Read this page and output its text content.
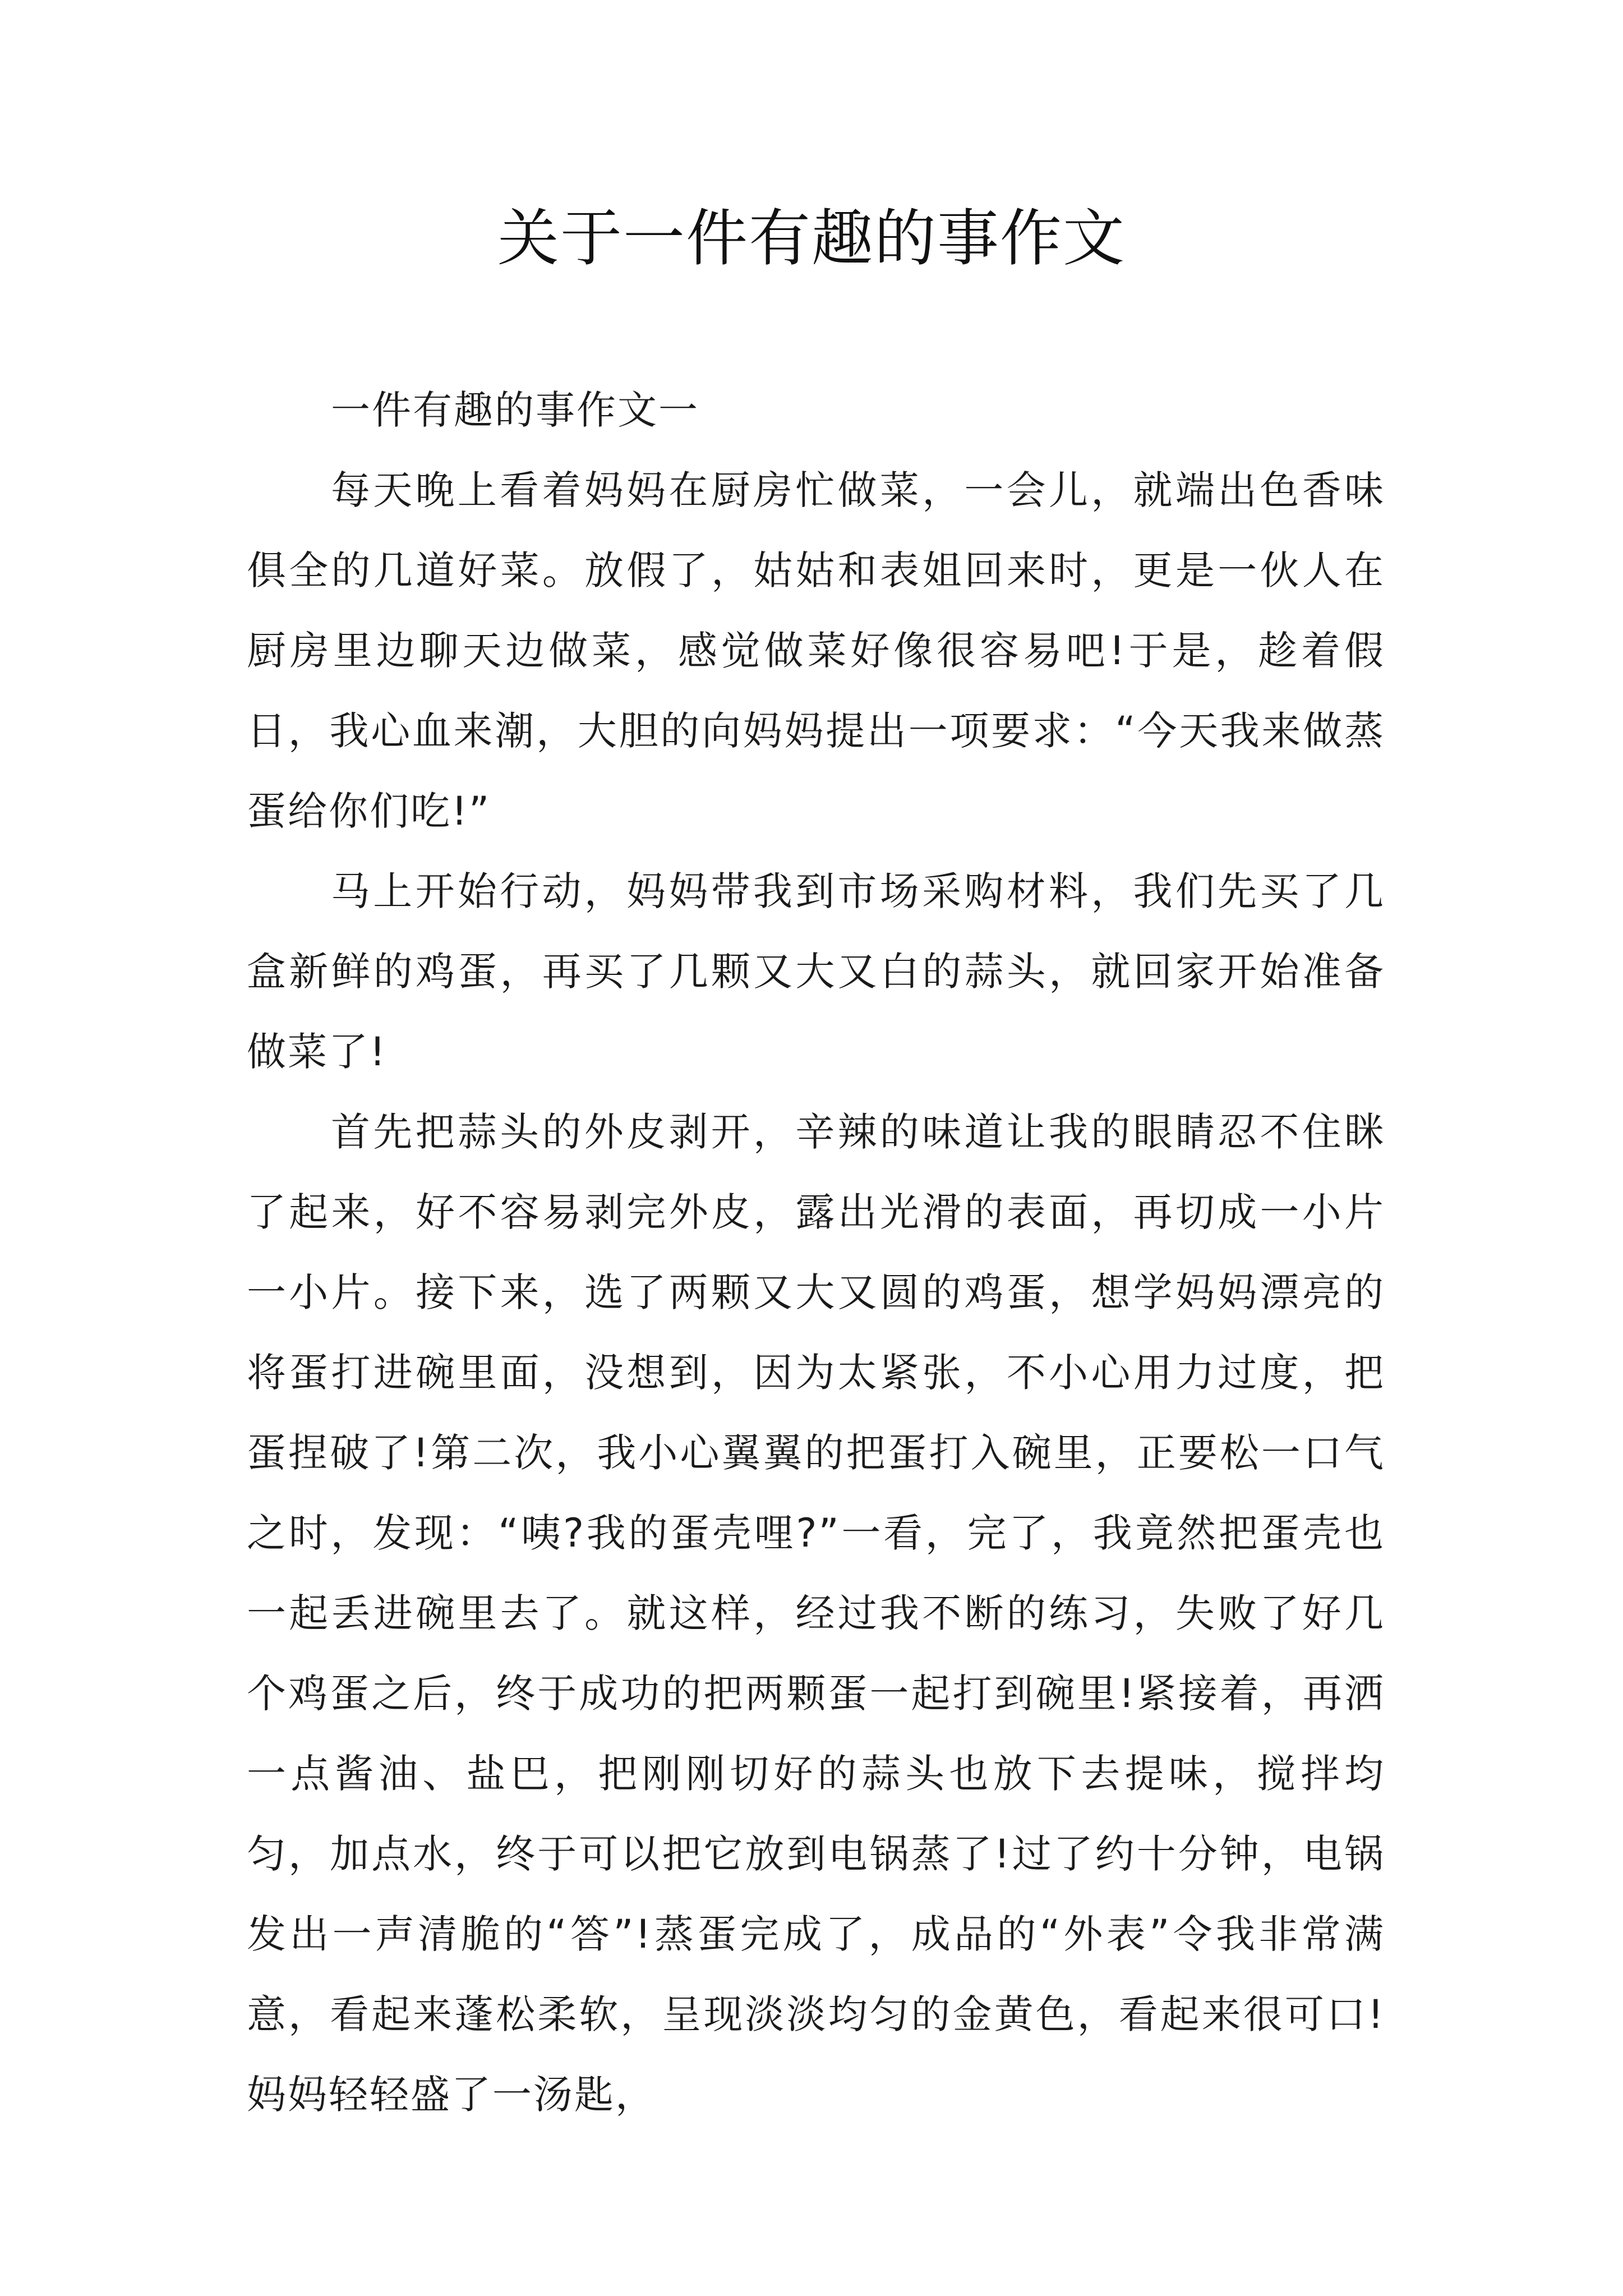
关于一件有趣的事作文

一件有趣的事作文一

每天晚上看着妈妈在厨房忙做菜，一会儿，就端出色香味俱全的几道好菜。放假了，姑姑和表姐回来时，更是一伙人在厨房里边聊天边做菜，感觉做菜好像很容易吧!于是，趁着假日，我心血来潮，大胆的向妈妈提出一项要求：“今天我来做蒸蛋给你们吃!”

马上开始行动，妈妈带我到市场采购材料，我们先买了几盒新鲜的鸡蛋，再买了几颗又大又白的蒜头，就回家开始准备做菜了!

首先把蒜头的外皮剥开，辛辣的味道让我的眼睛忍不住眯了起来，好不容易剥完外皮，露出光滑的表面，再切成一小片一小片。接下来，选了两颗又大又圆的鸡蛋，想学妈妈漂亮的将蛋打进碗里面，没想到，因为太紧张，不小心用力过度，把蛋捏破了!第二次，我小心翼翼的把蛋打入碗里，正要松一口气之时，发现：“咦?我的蛋壳哩?”一看，完了，我竟然把蛋壳也一起丢进碗里去了。就这样，经过我不断的练习，失败了好几个鸡蛋之后，终于成功的把两颗蛋一起打到碗里!紧接着，再洒一点酱油、盐巴，把刚刚切好的蒜头也放下去提味，搅拌均匀，加点水，终于可以把它放到电锅蒸了!过了约十分钟，电锅发出一声清脆的“答”!蒸蛋完成了，成品的“外表”令我非常满意，看起来蓬松柔软，呈现淡淡均匀的金黄色，看起来很可口!妈妈轻轻盛了一汤匙，
